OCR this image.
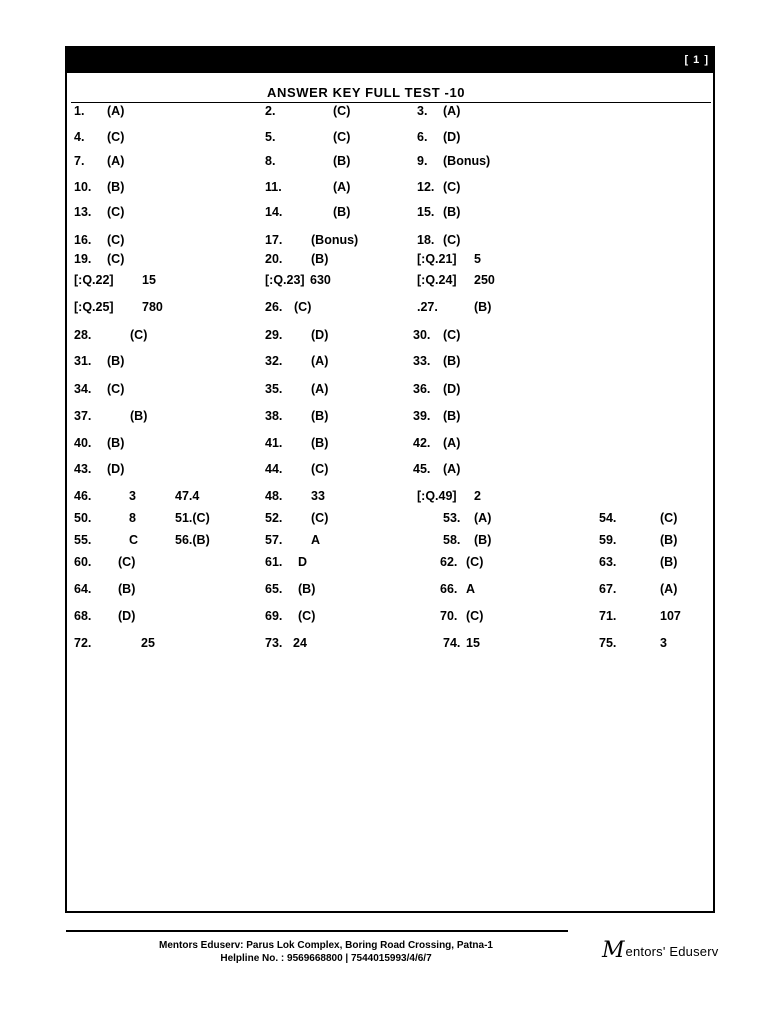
[ 1 ]
ANSWER KEY FULL TEST -10
1. (A)	2.	(C)	3. (A)
4. (C)	5.	(C)	6. (D)
7. (A)	8.	(B)	9. (Bonus)
10. (B)	11.	(A)	12. (C)
13. (C)	14.	(B)	15. (B)
16. (C)	17. (Bonus)	18. (C)
19. (C)	20. (B)	[:Q.21] 5
[:Q.22] 15	[:Q.23] 630	[:Q.24] 250
[:Q.25] 780	26. (C)	.27.	(B)
28.	(C)	29. (D)	30. (C)
31. (B)	32. (A)	33. (B)
34. (C)	35. (A)	36. (D)
37.	(B)	38. (B)	39. (B)
40. (B)	41. (B)	42. (A)
43. (D)	44. (C)	45. (A)
46.	3	47.4	48. 33	[:Q.49] 2
50.	8	51.(C)	52. (C)	53. (A)	54.	(C)
55.	C	56.(B)	57. A	58. (B)	59.	(B)
60. (C)	61. D	62. (C)	63.	(B)
64. (B)	65. (B)	66. A	67.	(A)
68. (D)	69. (C)	70. (C)	71.	107
72.	25	73. 24	74. 15	75.	3
Mentors Eduserv: Parus Lok Complex, Boring Road Crossing, Patna-1
Helpline No. : 9569668800 | 7544015993/4/6/7	M entors' Eduserv
